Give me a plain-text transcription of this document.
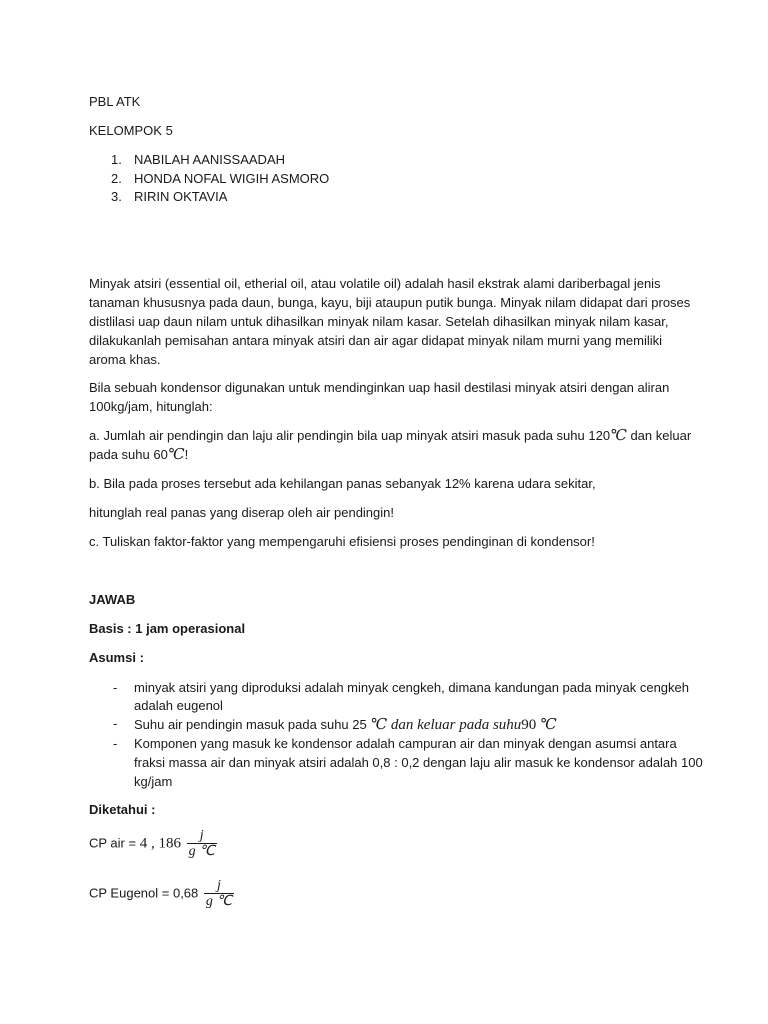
PBL ATK
KELOMPOK 5
1. NABILAH AANISSAADAH
2. HONDA NOFAL WIGIH ASMORO
3. RIRIN OKTAVIA
Minyak atsiri (essential oil, etherial oil, atau volatile oil) adalah hasil ekstrak alami dariberbagal jenis
tanaman khususnya pada daun, bunga, kayu, biji ataupun putik bunga. Minyak nilam didapat dari proses
distlilasi uap daun nilam untuk dihasilkan minyak nilam kasar. Setelah dihasilkan minyak nilam kasar,
dilakukanlah pemisahan antara minyak atsiri dan air agar didapat minyak nilam murni yang memiliki
aroma khas.
Bila sebuah kondensor digunakan untuk mendinginkan uap hasil destilasi minyak atsiri dengan aliran
100kg/jam, hitunglah:
a. Jumlah air pendingin dan laju alir pendingin bila uap minyak atsiri masuk pada suhu 120℃ dan keluar
pada suhu 60℃!
b. Bila pada proses tersebut ada kehilangan panas sebanyak 12% karena udara sekitar,
hitunglah real panas yang diserap oleh air pendingin!
c. Tuliskan faktor-faktor yang mempengaruhi efisiensi proses pendinginan di kondensor!
JAWAB
Basis : 1 jam operasional
Asumsi :
- minyak atsiri yang diproduksi adalah minyak cengkeh, dimana kandungan pada minyak cengkeh
adalah eugenol
- Suhu air pendingin masuk pada suhu 25 ℃ dan keluar pada suhu90 ℃
- Komponen yang masuk ke kondensor adalah campuran air dan minyak dengan asumsi antara
fraksi massa air dan minyak atsiri adalah 0,8 : 0,2 dengan laju alir masuk ke kondensor adalah 100
kg/jam
Diketahui :
CP air = 4 , $186 \frac{j}{g ℃}$
CP Eugenol = $0,68 \frac{j}{g ℃}$
